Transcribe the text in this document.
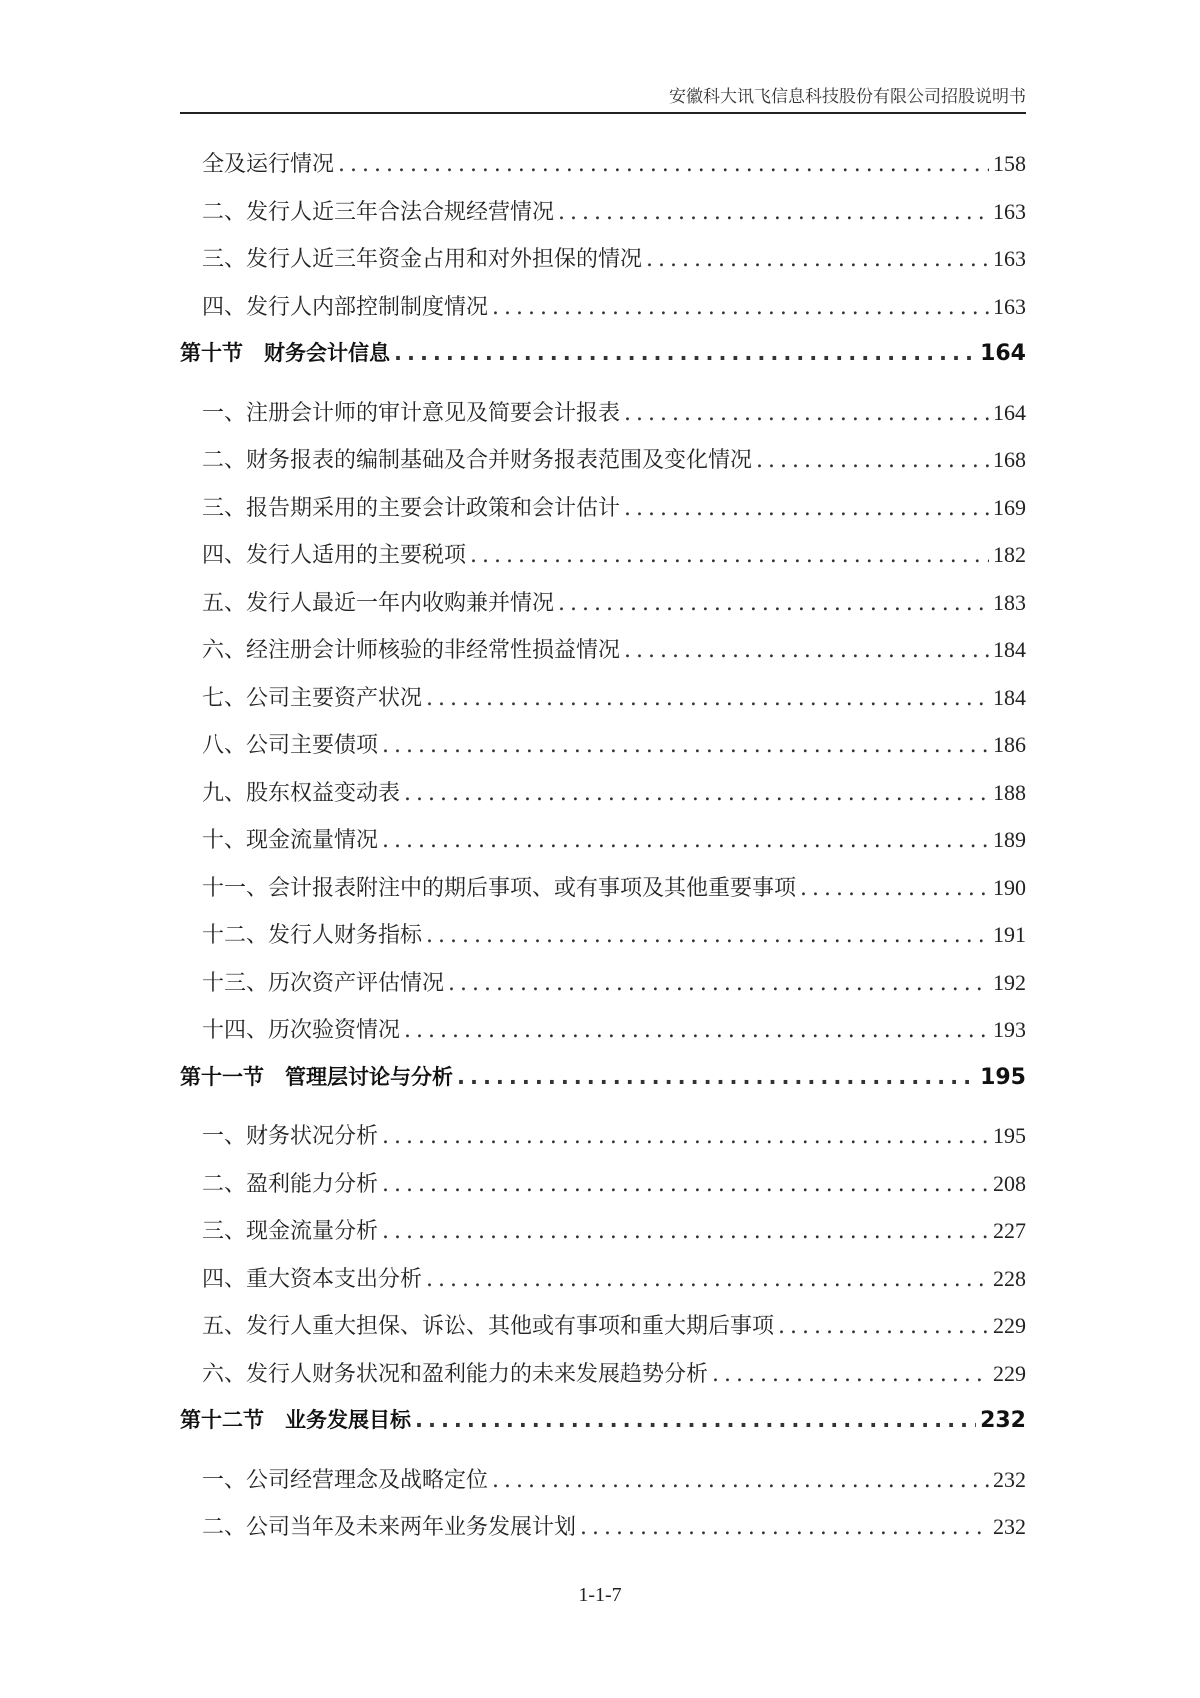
安徽科大讯飞信息科技股份有限公司招股说明书
全及运行情况 .....	158
二、发行人近三年合法合规经营情况 .....	163
三、发行人近三年资金占用和对外担保的情况 .....	163
四、发行人内部控制制度情况 .....	163
第十节　财务会计信息 .....	164
一、注册会计师的审计意见及简要会计报表 .....	164
二、财务报表的编制基础及合并财务报表范围及变化情况 .....	168
三、报告期采用的主要会计政策和会计估计 .....	169
四、发行人适用的主要税项 .....	182
五、发行人最近一年内收购兼并情况 .....	183
六、经注册会计师核验的非经常性损益情况 .....	184
七、公司主要资产状况 .....	184
八、公司主要债项 .....	186
九、股东权益变动表 .....	188
十、现金流量情况 .....	189
十一、会计报表附注中的期后事项、或有事项及其他重要事项 .....	190
十二、发行人财务指标 .....	191
十三、历次资产评估情况 .....	192
十四、历次验资情况 .....	193
第十一节　管理层讨论与分析 .....	195
一、财务状况分析 .....	195
二、盈利能力分析 .....	208
三、现金流量分析 .....	227
四、重大资本支出分析 .....	228
五、发行人重大担保、诉讼、其他或有事项和重大期后事项 .....	229
六、发行人财务状况和盈利能力的未来发展趋势分析 .....	229
第十二节　业务发展目标 .....	232
一、公司经营理念及战略定位 .....	232
二、公司当年及未来两年业务发展计划 .....	232
1-1-7
